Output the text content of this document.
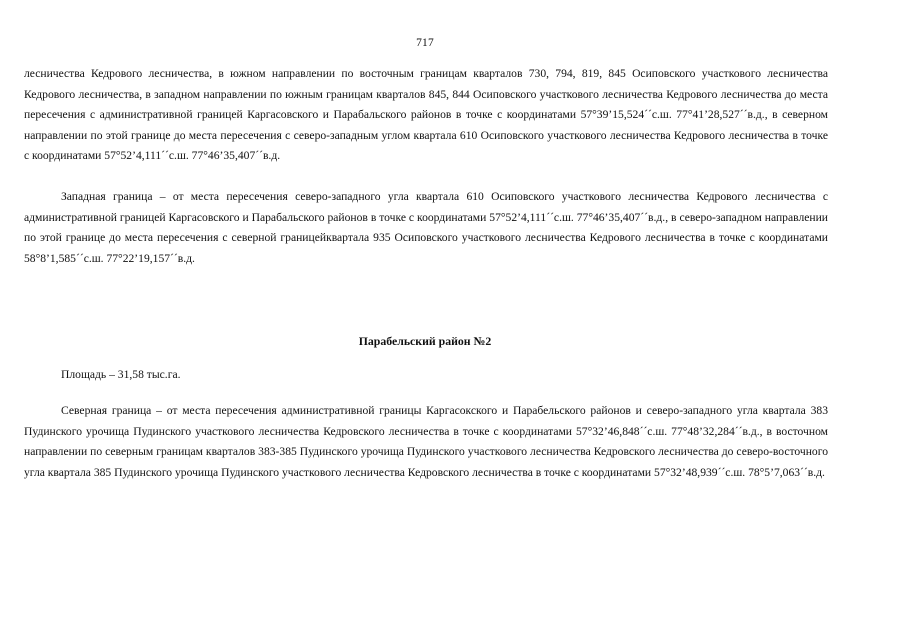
717

лесничества Кедрового лесничества, в южном направлении по восточным границам кварталов 730, 794, 819, 845 Осиповского участкового лесничества Кедрового лесничества, в западном направлении по южным границам кварталов 845, 844 Осиповского участкового лесничества Кедрового лесничества до места пересечения с административной границей Каргасовского и Парабальского районов в точке с координатами 57°39’15,524´´с.ш. 77°41’28,527´´в.д., в северном направлении по этой границе до места пересечения с северо-западным углом квартала 610 Осиповского участкового лесничества Кедрового лесничества в точке с координатами 57°52’4,111´´с.ш. 77°46’35,407´´в.д.

Западная граница – от места пересечения северо-западного угла квартала 610 Осиповского участкового лесничества Кедрового лесничества с административной границей Каргасовского и Парабальского районов в точке с координатами 57°52’4,111´´с.ш. 77°46’35,407´´в.д., в северо-западном направлении по этой границе до места пересечения с северной границейквартала 935 Осиповского участкового лесничества Кедрового лесничества в точке с координатами 58°8’1,585´´с.ш. 77°22’19,157´´в.д.

Парабельский район №2
Площадь – 31,58 тыс.га.

Северная граница – от места пересечения административной границы Каргасокского и Парабельского районов и северо-западного угла квартала 383 Пудинского урочища Пудинского участкового лесничества Кедровского лесничества в точке с координатами 57°32’46,848´´с.ш. 77°48’32,284´´в.д., в восточном направлении по северным границам кварталов 383-385 Пудинского урочища Пудинского участкового лесничества Кедровского лесничества до северо-восточного угла квартала 385 Пудинского урочища Пудинского участкового лесничества Кедровского лесничества в точке с координатами 57°32’48,939´´с.ш. 78°5’7,063´´в.д.
